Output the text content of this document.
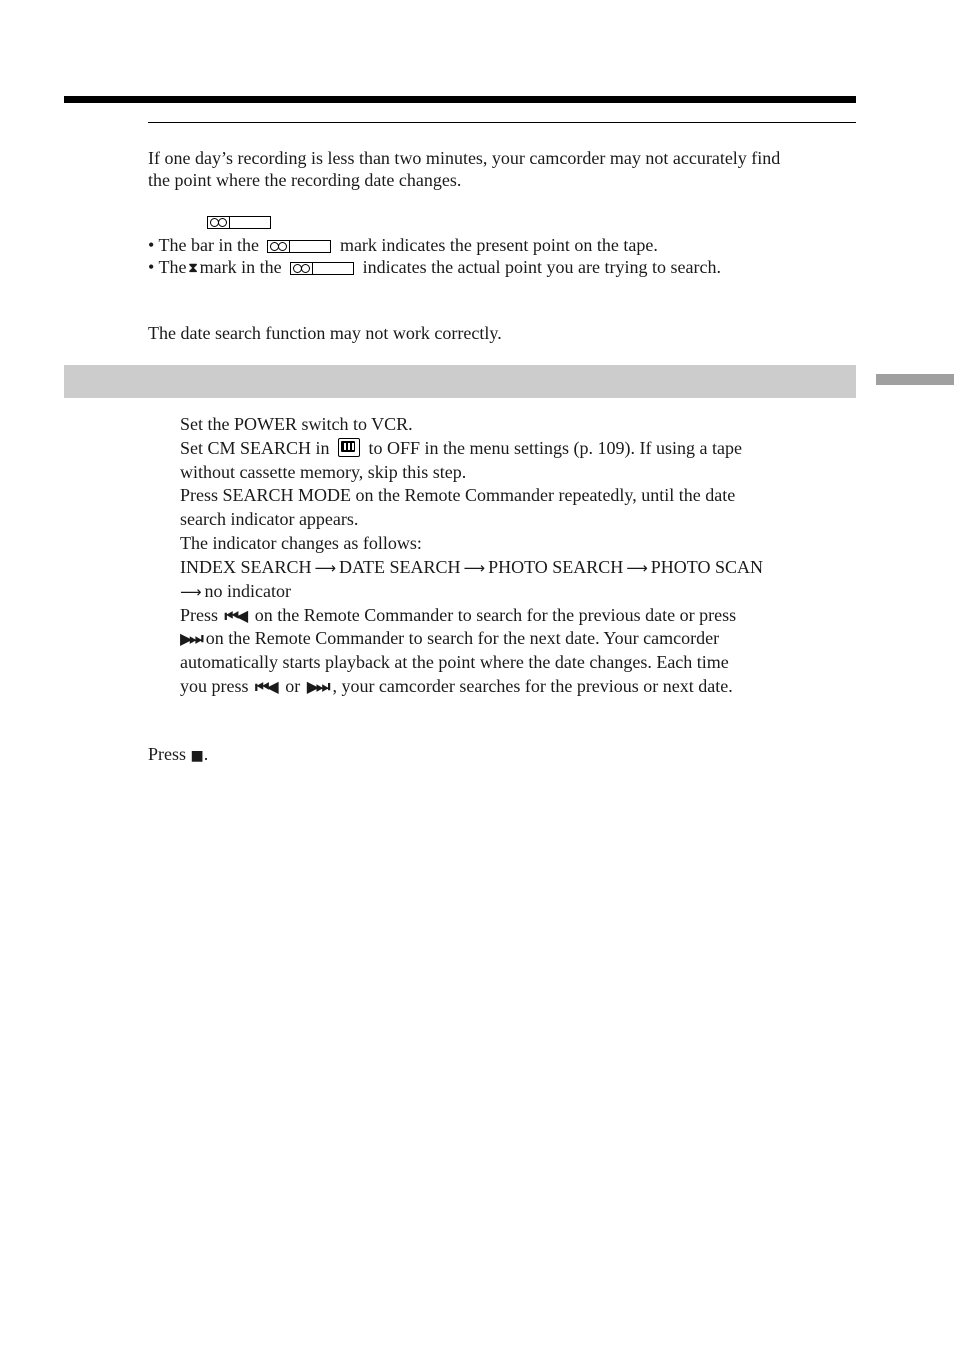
If one day’s recording is less than two minutes, your camcorder may not accurately find
the point where the recording date changes.
• The bar in the	mark indicates the present point on the tape.
• The ⧗ mark in the	indicates the actual point you are trying to search.
The date search function may not work correctly.
Set the POWER switch to VCR.
Set CM SEARCH in to OFF in the menu settings (p. 109). If using a tape
without cassette memory, skip this step.
Press SEARCH MODE on the Remote Commander repeatedly, until the date
search indicator appears.
The indicator changes as follows:
INDEX SEARCH ⟶ DATE SEARCH ⟶ PHOTO SEARCH ⟶ PHOTO SCAN
⟶ no indicator
Press ⏮◀ on the Remote Commander to search for the previous date or press
▶⏭ on the Remote Commander to search for the next date. Your camcorder
automatically starts playback at the point where the date changes. Each time
you press ⏮◀ or ▶⏭ , your camcorder searches for the previous or next date.
Press ■.
